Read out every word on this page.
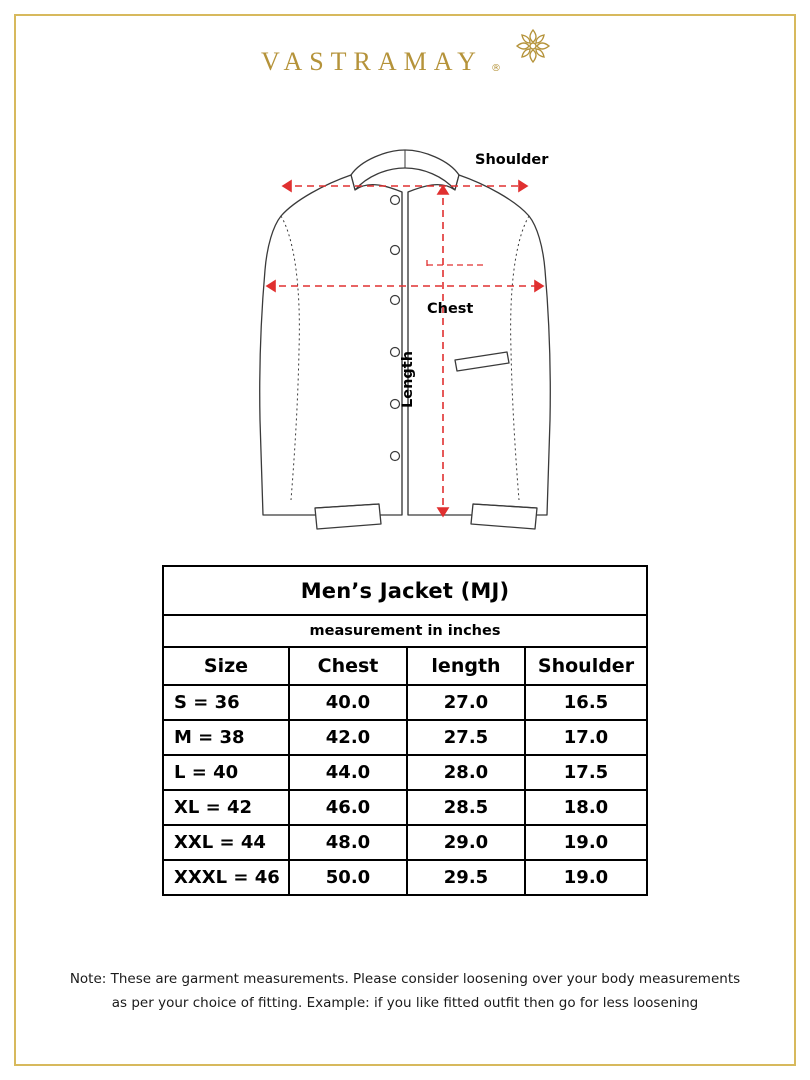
VASTRAMAY ®
Shoulder
Chest
Length
Men’s Jacket (MJ)			
measurement in inches			
Size	Chest	length	Shoulder
S = 36	40.0	27.0	16.5
M = 38	42.0	27.5	17.0
L = 40	44.0	28.0	17.5
XL = 42	46.0	28.5	18.0
XXL = 44	48.0	29.0	19.0
XXXL = 46	50.0	29.5	19.0
Note: These are garment measurements. Please consider loosening over your body measurements
as per your choice of fitting. Example: if you like fitted outfit then go for less loosening
